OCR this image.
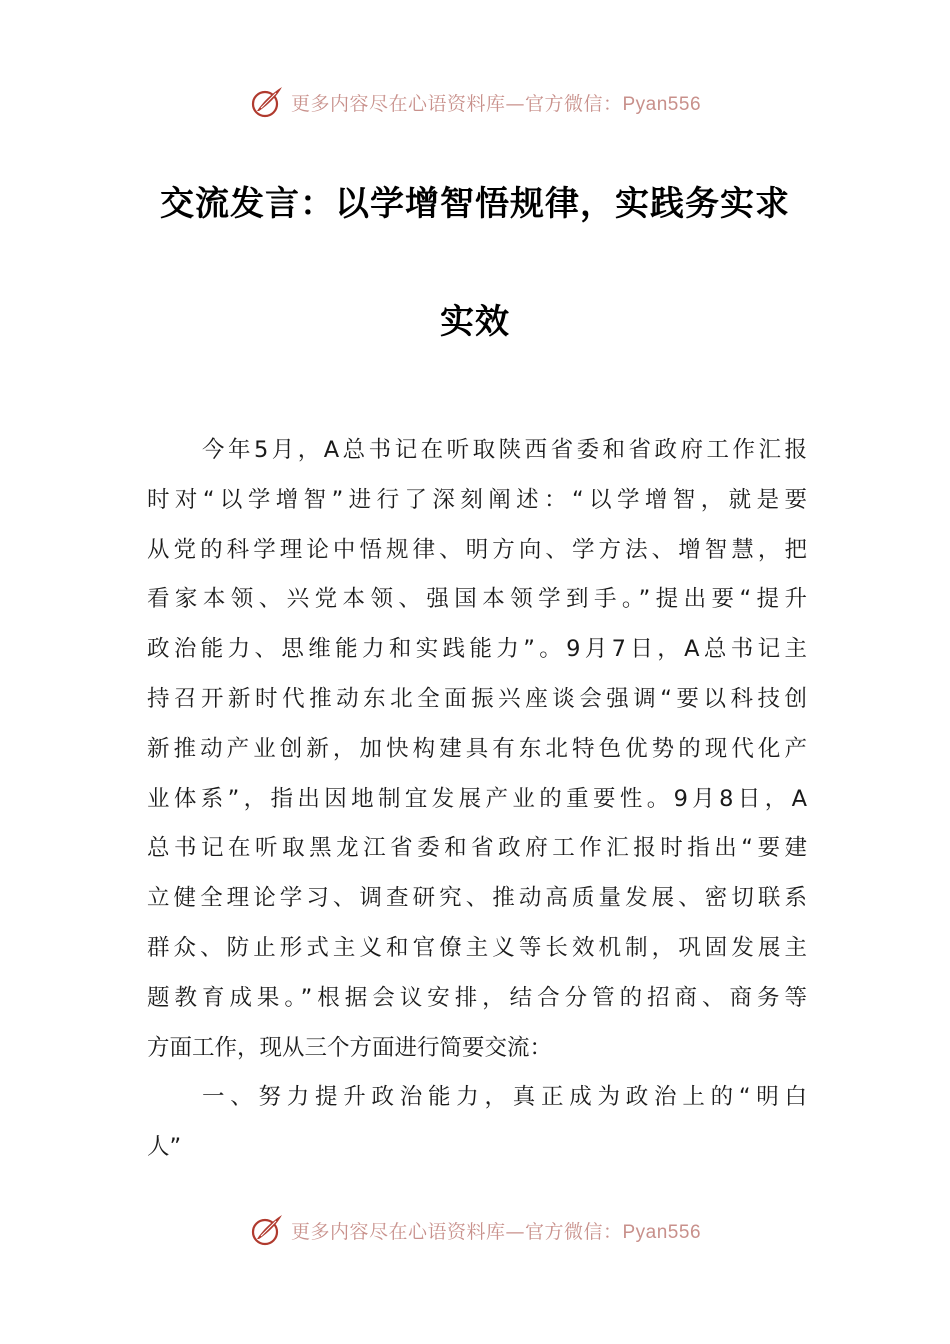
更多内容尽在心语资料库—官方微信：Pyan556
交流发言：以学增智悟规律，实践务实求
实效
今年5月，A总书记在听取陕西省委和省政府工作汇报
时对“以学增智”进行了深刻阐述：“以学增智，就是要
从党的科学理论中悟规律、明方向、学方法、增智慧，把
看家本领、兴党本领、强国本领学到手。”提出要“提升
政治能力、思维能力和实践能力”。9月7日，A总书记主
持召开新时代推动东北全面振兴座谈会强调“要以科技创
新推动产业创新，加快构建具有东北特色优势的现代化产
业体系”，指出因地制宜发展产业的重要性。9月8日，A
总书记在听取黑龙江省委和省政府工作汇报时指出“要建
立健全理论学习、调查研究、推动高质量发展、密切联系
群众、防止形式主义和官僚主义等长效机制，巩固发展主
题教育成果。”根据会议安排，结合分管的招商、商务等
方面工作，现从三个方面进行简要交流：
一、努力提升政治能力，真正成为政治上的“明白
人”
更多内容尽在心语资料库—官方微信：Pyan556
